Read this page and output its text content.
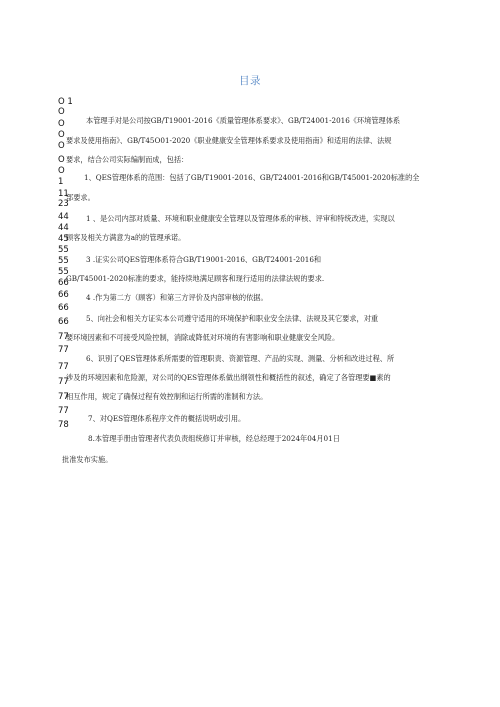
目录
O 1
O
O
O
O
O
O
1
11
23
44
44
45
55
55
55
66
66
66
66
77
77
77
77
77
77
78
本管理手对是公司按GB/T19001-2016《质量管理体系要求》、GB/T24001-2016《环境管理体系
要求及使用指南》、GB/T45O01-2020《职业健康安全管理体系要求及使用指南》和适用的法律、法规
要求，结合公司实际编制而成，包括：
1、QES管理体系的范围：包括了GB/T19001-2016、GB/T24001-2016和GB/T45001-2020标准的全
部要求。
1 、是公司内部对质量、环境和职业健康安全管理以及管理体系的审核、评审和特统改进，实现以
顾客及相关方满意为a的的管理承诺。
3 .证实公司QES管理体系符合GB/T19001-2016、GB/T24001-2016和
GB/T45001-2020标准的要求，能持续地满足顾客和现行适用的法律法规的要求.
4 .作为第二方（顾客）和第三方评价及内部审核的依据。
5、向社会和相关方证实本公司遵守适用的环境保护和职业安全法律、法规及其它要求，对重
要环境因素和不可接受风险控制，消除或降低对环境的有害影响和职业健康安全风险。
6、识别了QES管理体系所需要的管理职责、资源管理、产品的实现、测量、分析和改进过程、所
涉及的环境因素和危险源，对公司的QES管理体系做出纲领性和概括性的叙述，确定了各管理要■素的
相互作用，规定了确保过程有效控制和运行所需的准制和方法。
7、对QES管理体系程序文件的概括说明或引用。
8.本管理手册由管理者代表负责组统修订并审核，经总经理于2024年04月01日
批准发布实施。
